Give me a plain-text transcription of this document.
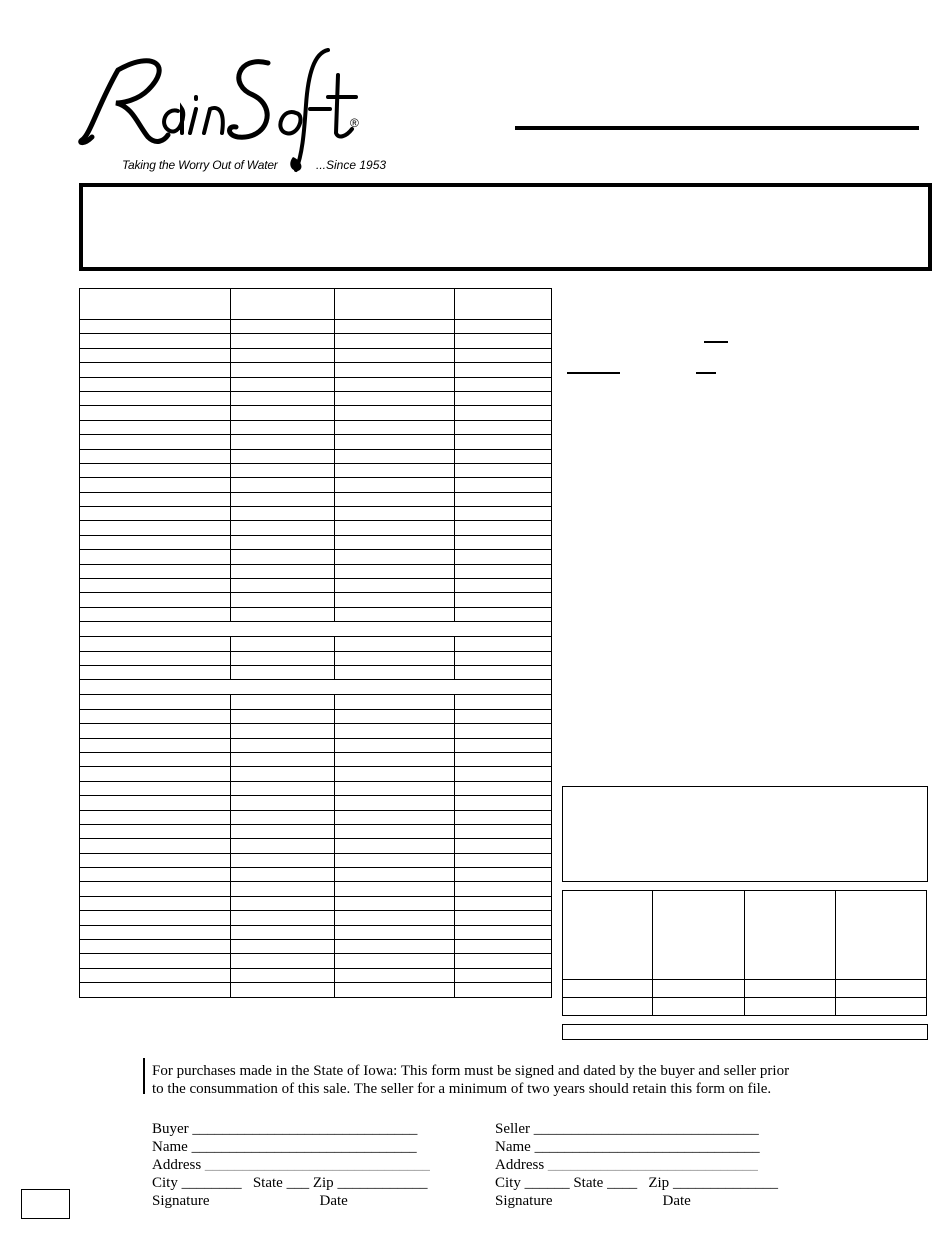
®
Taking the Worry Out of Water	...Since 1953

For purchases made in the State of Iowa: This form must be signed and dated by the buyer and seller prior
to the consummation of this sale. The seller for a minimum of two years should retain this form on file.
Buyer ______________________________
Name ______________________________
Address ______________________________
City ________   State ___ Zip ____________
Signature	Date
Seller ______________________________
Name ______________________________
Address ____________________________
City ______ State ____   Zip ______________
Signature	Date
